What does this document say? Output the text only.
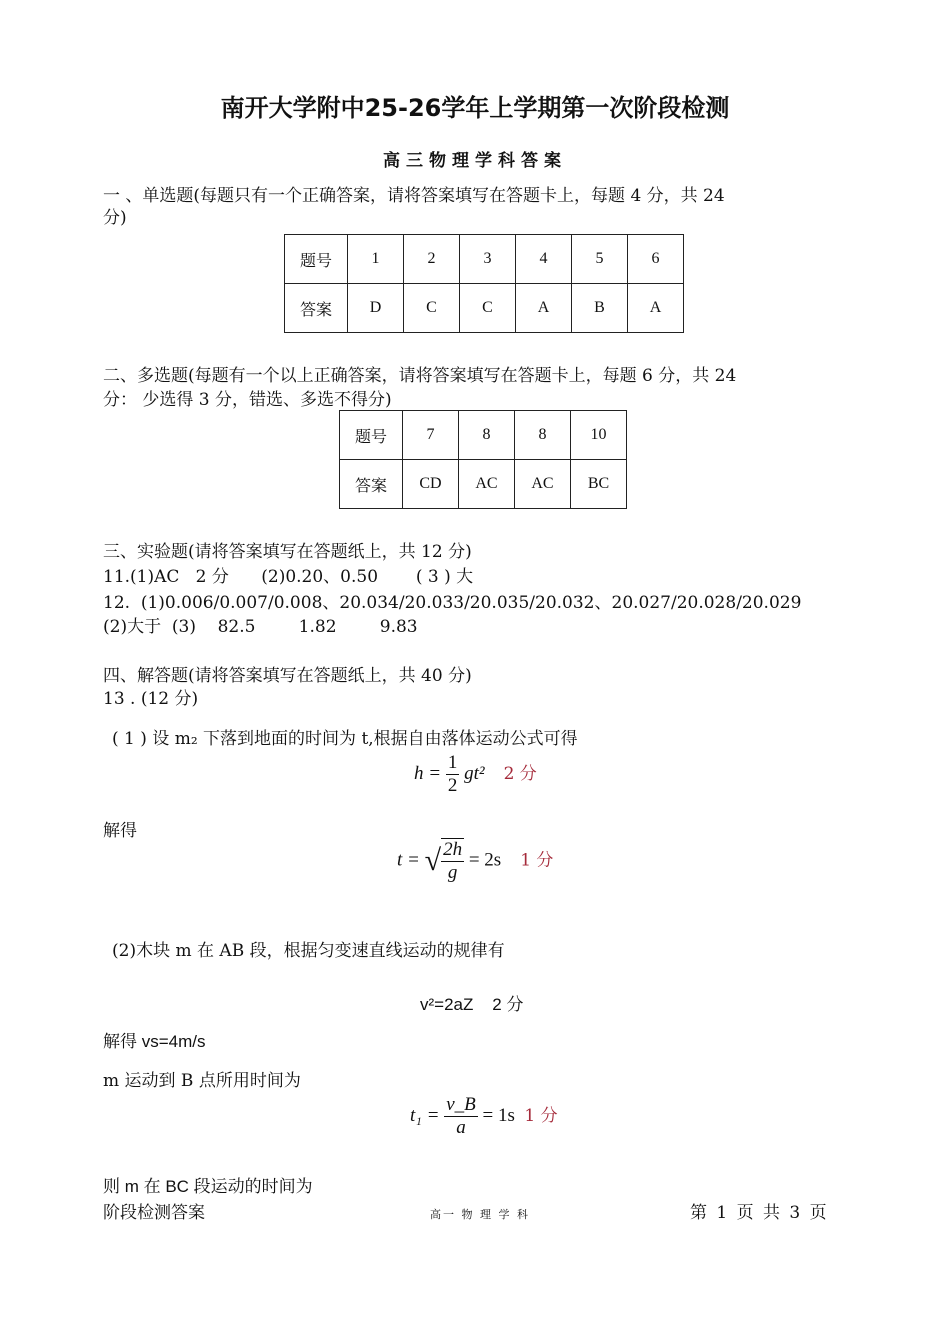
南开大学附中25-26学年上学期第一次阶段检测
高三物理学科答案
一 、单选题(每题只有一个正确答案，请将答案填写在答题卡上，每题 4 分，共 24
分)
题号	1	2	3	4	5	6
答案	D	C	C	A	B	A
二、多选题(每题有一个以上正确答案，请将答案填写在答题卡上，每题 6 分，共 24
分： 少选得 3 分，错选、多选不得分)
题号	7	8	8	10
答案	CD	AC	AC	BC
三、实验题(请将答案填写在答题纸上，共 12 分)
11.(1)AC   2 分      (2)0.20、0.50       ( 3 ) 大
12.  (1)0.006/0.007/0.008、20.034/20.033/20.035/20.032、20.027/20.028/20.029
(2)大于  (3)    82.5        1.82        9.83
四、解答题(请将答案填写在答题纸上，共 40 分)
13 . (12 分)
( 1 ) 设 m₂ 下落到地面的时间为 t,根据自由落体运动公式可得
$h = \frac{1}{2} gt^2$ 2 分
解得
t = √ $\frac{2h}{g} = 2s$ 1 分
(2)木块 m 在 AB 段，根据匀变速直线运动的规律有
v²=2aZ    2 分
解得 vs=4m/s
m 运动到 B 点所用时间为
$t_1 = \frac{v\_B}{a} = 1s$ 1 分
则 m 在 BC 段运动的时间为
阶段检测答案	高一 物 理 学 科	第 1 页 共 3 页
